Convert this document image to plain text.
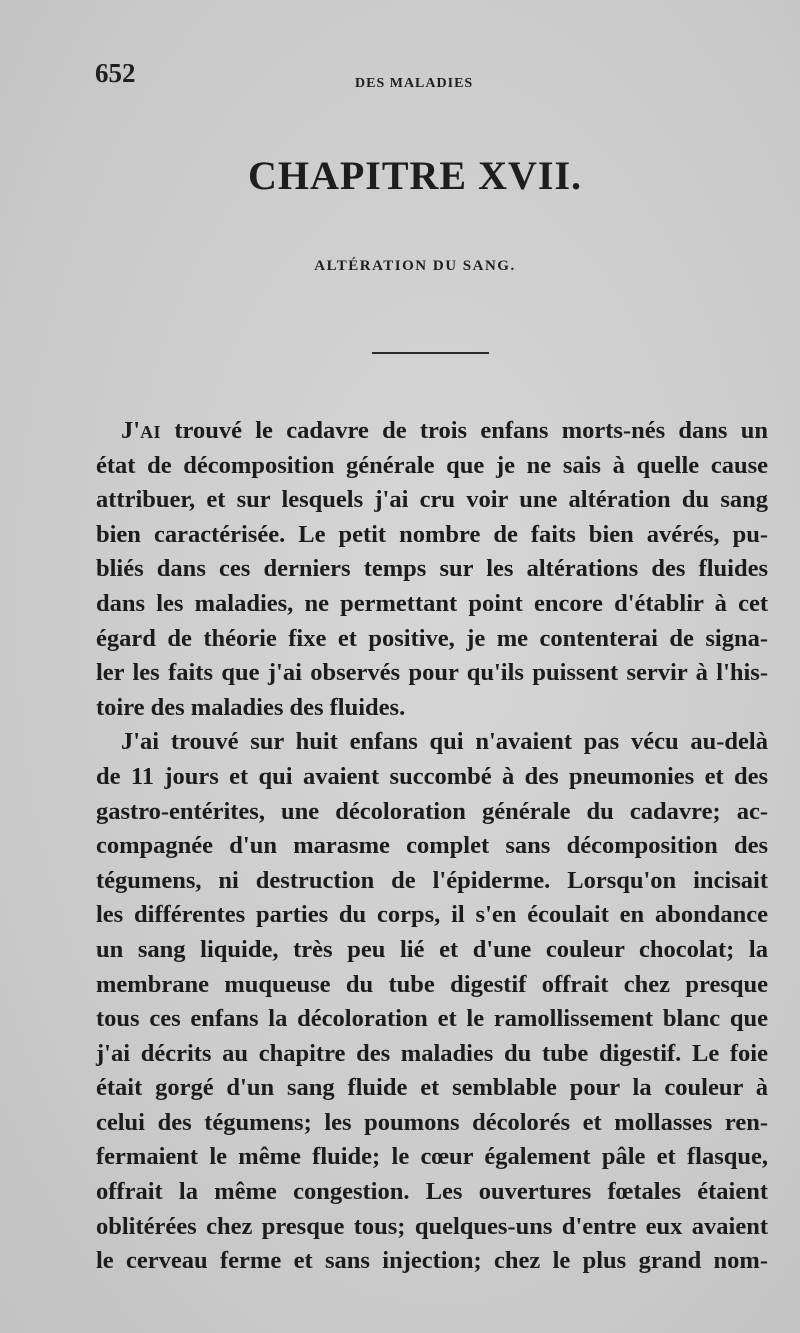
652	DES MALADIES
CHAPITRE XVII.
ALTÉRATION DU SANG.
J'AI trouvé le cadavre de trois enfans morts-nés dans un
état de décomposition générale que je ne sais à quelle cause
attribuer, et sur lesquels j'ai cru voir une altération du sang
bien caractérisée. Le petit nombre de faits bien avérés, pu-
bliés dans ces derniers temps sur les altérations des fluides
dans les maladies, ne permettant point encore d'établir à cet
égard de théorie fixe et positive, je me contenterai de signa-
ler les faits que j'ai observés pour qu'ils puissent servir à l'his-
toire des maladies des fluides.
J'ai trouvé sur huit enfans qui n'avaient pas vécu au-delà
de 11 jours et qui avaient succombé à des pneumonies et des
gastro-entérites, une décoloration générale du cadavre; ac-
compagnée d'un marasme complet sans décomposition des
tégumens, ni destruction de l'épiderme. Lorsqu'on incisait
les différentes parties du corps, il s'en écoulait en abondance
un sang liquide, très peu lié et d'une couleur chocolat; la
membrane muqueuse du tube digestif offrait chez presque
tous ces enfans la décoloration et le ramollissement blanc que
j'ai décrits au chapitre des maladies du tube digestif. Le foie
était gorgé d'un sang fluide et semblable pour la couleur à
celui des tégumens; les poumons décolorés et mollasses ren-
fermaient le même fluide; le cœur également pâle et flasque,
offrait la même congestion. Les ouvertures fœtales étaient
oblitérées chez presque tous; quelques-uns d'entre eux avaient
le cerveau ferme et sans injection; chez le plus grand nom-
